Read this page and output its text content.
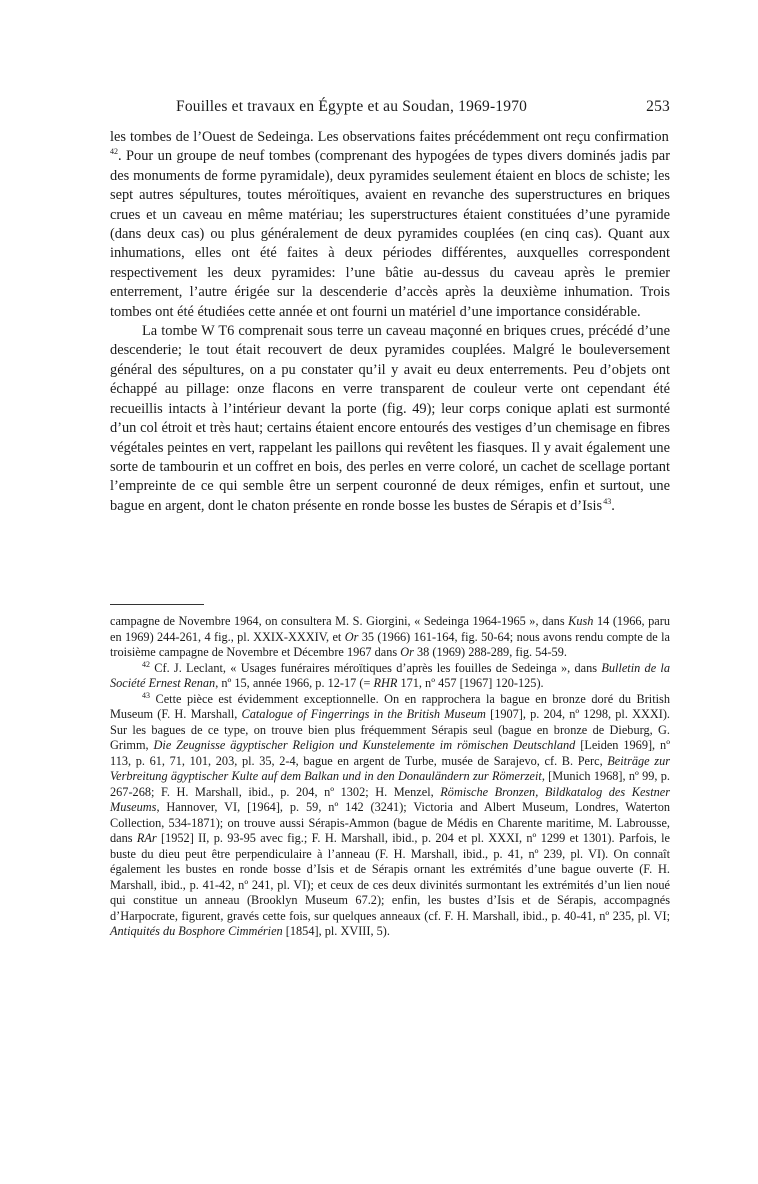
Fouilles et travaux en Égypte et au Soudan, 1969-1970	253

les tombes de l’Ouest de Sedeinga. Les observations faites précédemment ont reçu confirmation $^{42}$. Pour un groupe de neuf tombes (comprenant des hypogées de types divers dominés jadis par des monuments de forme pyramidale), deux pyramides seulement étaient en blocs de schiste; les sept autres sépultures, toutes méroïtiques, avaient en revanche des superstructures en briques crues et un caveau en même matériau; les superstructures étaient constituées d’une pyramide (dans deux cas) ou plus généralement de deux pyramides couplées (en cinq cas). Quant aux inhumations, elles ont été faites à deux périodes différentes, auxquelles correspondent respectivement les deux pyramides: l’une bâtie au-dessus du caveau après le premier enterrement, l’autre érigée sur la descenderie d’accès après la deuxième inhumation. Trois tombes ont été étudiées cette année et ont fourni un matériel d’une importance considérable.

La tombe W T6 comprenait sous terre un caveau maçonné en briques crues, précédé d’une descenderie; le tout était recouvert de deux pyramides couplées. Malgré le bouleversement général des sépultures, on a pu constater qu’il y avait eu deux enterrements. Peu d’objets ont échappé au pillage: onze flacons en verre transparent de couleur verte ont cependant été recueillis intacts à l’intérieur devant la porte (fig. 49); leur corps conique aplati est surmonté d’un col étroit et très haut; certains étaient encore entourés des vestiges d’un chemisage en fibres végétales peintes en vert, rappelant les paillons qui revêtent les fiasques. Il y avait également une sorte de tambourin et un coffret en bois, des perles en verre coloré, un cachet de scellage portant l’empreinte de ce qui semble être un serpent couronné de deux rémiges, enfin et surtout, une bague en argent, dont le chaton présente en ronde bosse les bustes de Sérapis et d’Isis $^{43}$.

campagne de Novembre 1964, on consultera M. S. Giorgini, « Sedeinga 1964-1965 », dans Kush 14 (1966, paru en 1969) 244-261, 4 fig., pl. XXIX-XXXIV, et Or 35 (1966) 161-164, fig. 50-64; nous avons rendu compte de la troisième campagne de Novembre et Décembre 1967 dans Or 38 (1969) 288-289, fig. 54-59.

$^{42}$ Cf. J. Leclant, « Usages funéraires méroïtiques d’après les fouilles de Sedeinga », dans Bulletin de la Société Ernest Renan, nº 15, année 1966, p. 12-17 (= RHR 171, nº 457 [1967] 120-125).

$^{43}$ Cette pièce est évidemment exceptionnelle. On en rapprochera la bague en bronze doré du British Museum (F. H. Marshall, Catalogue of Fingerrings in the British Museum [1907], p. 204, nº 1298, pl. XXXI). Sur les bagues de ce type, on trouve bien plus fréquemment Sérapis seul (bague en bronze de Dieburg, G. Grimm, Die Zeugnisse ägyptischer Religion und Kunstelemente im römischen Deutschland [Leiden 1969], nº 113, p. 61, 71, 101, 203, pl. 35, 2-4, bague en argent de Turbe, musée de Sarajevo, cf. B. Perc, Beiträge zur Verbreitung ägyptischer Kulte auf dem Balkan und in den Donauländern zur Römerzeit, [Munich 1968], nº 99, p. 267-268; F. H. Marshall, ibid., p. 204, nº 1302; H. Menzel, Römische Bronzen, Bildkatalog des Kestner Museums, Hannover, VI, [1964], p. 59, nº 142 (3241); Victoria and Albert Museum, Londres, Waterton Collection, 534-1871); on trouve aussi Sérapis-Ammon (bague de Médis en Charente maritime, M. Labrousse, dans RAr [1952] II, p. 93-95 avec fig.; F. H. Marshall, ibid., p. 204 et pl. XXXI, nº 1299 et 1301). Parfois, le buste du dieu peut être perpendiculaire à l’anneau (F. H. Marshall, ibid., p. 41, nº 239, pl. VI). On connaît également les bustes en ronde bosse d’Isis et de Sérapis ornant les extrémités d’une bague ouverte (F. H. Marshall, ibid., p. 41-42, nº 241, pl. VI); et ceux de ces deux divinités surmontant les extrémités d’un lien noué qui constitue un anneau (Brooklyn Museum 67.2); enfin, les bustes d’Isis et de Sérapis, accompagnés d’Harpocrate, figurent, gravés cette fois, sur quelques anneaux (cf. F. H. Marshall, ibid., p. 40-41, nº 235, pl. VI; Antiquités du Bosphore Cimmérien [1854], pl. XVIII, 5).
